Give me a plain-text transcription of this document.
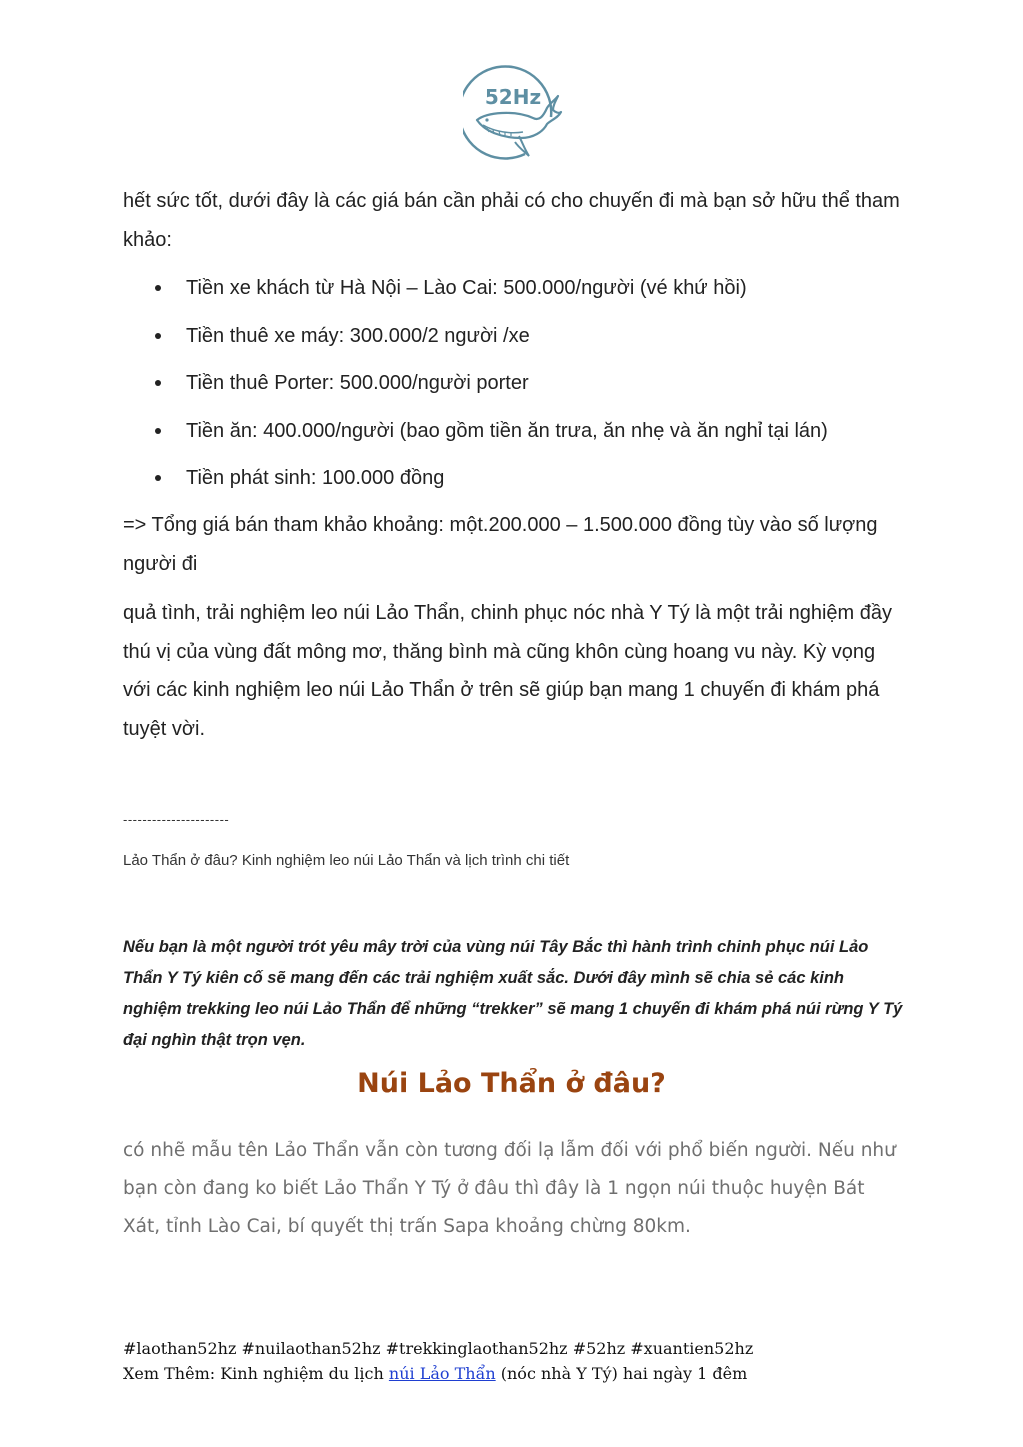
52Hz

hết sức tốt, dưới đây là các giá bán cần phải có cho chuyến đi mà bạn sở hữu thể tham khảo:

Tiền xe khách từ Hà Nội – Lào Cai: 500.000/người (vé khứ hồi)
Tiền thuê xe máy: 300.000/2 người /xe
Tiền thuê Porter: 500.000/người porter
Tiền ăn: 400.000/người (bao gồm tiền ăn trưa, ăn nhẹ và ăn nghỉ tại lán)
Tiền phát sinh: 100.000 đồng

=> Tổng giá bán tham khảo khoảng: một.200.000 – 1.500.000 đồng tùy vào số lượng người đi

quả tình, trải nghiệm leo núi Lảo Thẩn, chinh phục nóc nhà Y Tý là một trải nghiệm đầy thú vị của vùng đất mông mơ, thăng bình mà cũng khôn cùng hoang vu này. Kỳ vọng với các kinh nghiệm leo núi Lảo Thẩn ở trên sẽ giúp bạn mang 1 chuyến đi khám phá tuyệt vời.

----------------------
Lảo Thẩn ở đâu? Kinh nghiệm leo núi Lảo Thẩn và lịch trình chi tiết

Nếu bạn là một người trót yêu mây trời của vùng núi Tây Bắc thì hành trình chinh phục núi Lảo Thẩn Y Tý kiên cố sẽ mang đến các trải nghiệm xuất sắc. Dưới đây mình sẽ chia sẻ các kinh nghiệm trekking leo núi Lảo Thẩn để những “trekker” sẽ mang 1 chuyến đi khám phá núi rừng Y Tý đại nghìn thật trọn vẹn.

Núi Lảo Thẩn ở đâu?

có nhẽ mẫu tên Lảo Thẩn vẫn còn tương đối lạ lẫm đối với phổ biến người. Nếu như bạn còn đang ko biết Lảo Thẩn Y Tý ở đâu thì đây là 1 ngọn núi thuộc huyện Bát Xát, tỉnh Lào Cai, bí quyết thị trấn Sapa khoảng chừng 80km.

#laothan52hz #nuilaothan52hz #trekkinglaothan52hz #52hz #xuantien52hz
Xem Thêm: Kinh nghiệm du lịch núi Lảo Thẩn (nóc nhà Y Tý) hai ngày 1 đêm
